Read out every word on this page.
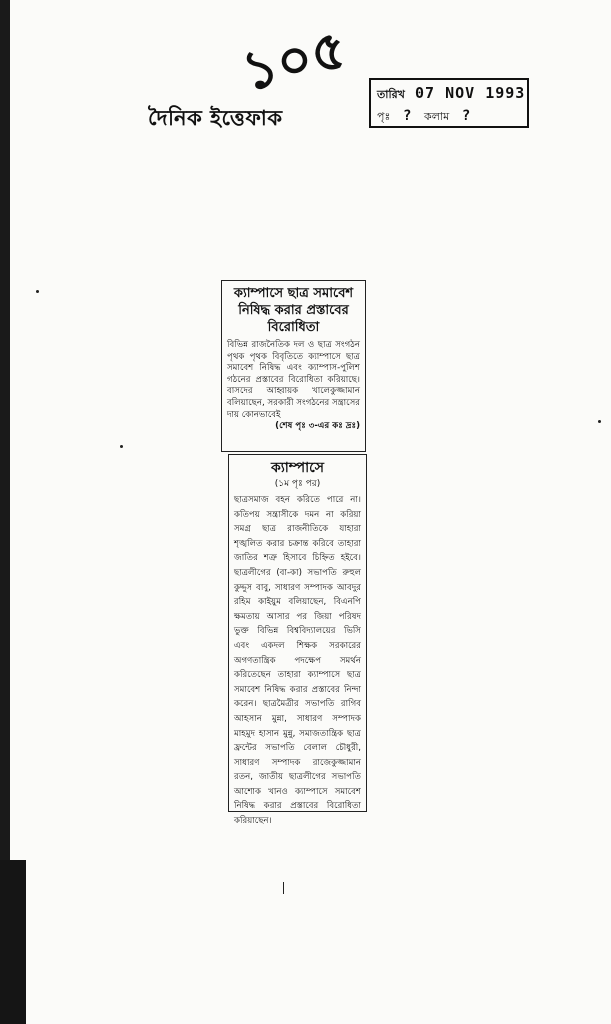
১০৫
দৈনিক ইত্তেফাক
তারিখ 07 NOV 1993
পৃঃ ? কলাম ?
ক্যাম্পাসে ছাত্র সমাবেশ নিষিদ্ধ করার প্রস্তাবের বিরোধিতা
বিভিন্ন রাজনৈতিক দল ও ছাত্র সংগঠন পৃথক পৃথক বিবৃতিতে ক্যাম্পাসে ছাত্র সমাবেশ নিষিদ্ধ এবং ক্যাম্পাস-পুলিশ গঠনের প্রস্তাবের বিরোধিতা করিয়াছে। বাসদের আহ্বায়ক খালেকুজ্জামান বলিয়াছেন, সরকারী সংগঠনের সন্ত্রাসের দায় কোনভাবেই
(শেষ পৃঃ ৩-এর কঃ দ্রঃ)
ক্যাম্পাসে
(১ম পৃঃ পর)
ছাত্রসমাজ বহন করিতে পারে না। কতিপয় সন্ত্রাসীকে দমন না করিয়া সমগ্র ছাত্র রাজনীতিকে যাহারা শৃঙ্খলিত করার চক্রান্ত করিবে তাহারা জাতির শত্রু হিসাবে চিহ্নিত হইবে। ছাত্রলীগের (বা-কা) সভাপতি রুহুল কুদ্দুস বাবু, সাধারণ সম্পাদক আবদুর রহিম কাইয়ুম বলিয়াছেন, বিএনপি ক্ষমতায় আসার পর জিয়া পরিষদ ভুক্ত বিভিন্ন বিশ্ববিদ্যালয়ের ভিসি এবং একদল শিক্ষক সরকারের অগণতান্ত্রিক পদক্ষেপ সমর্থন করিতেছেন তাহারা ক্যাম্পাসে ছাত্র সমাবেশ নিষিদ্ধ করার প্রস্তাবের নিন্দা করেন। ছাত্রমৈত্রীর সভাপতি রাগিব আহসান মুন্না, সাধারণ সম্পাদক মাহমুদ হাসান মুন্নু, সমাজতান্ত্রিক ছাত্র ফ্রন্টের সভাপতি বেলাল চৌধুরী, সাধারণ সম্পাদক রাজেকুজ্জামান রতন, জাতীয় ছাত্রলীগের সভাপতি আশোক খানও ক্যাম্পাসে সমাবেশ নিষিদ্ধ করার প্রস্তাবের বিরোধিতা করিয়াছেন।
